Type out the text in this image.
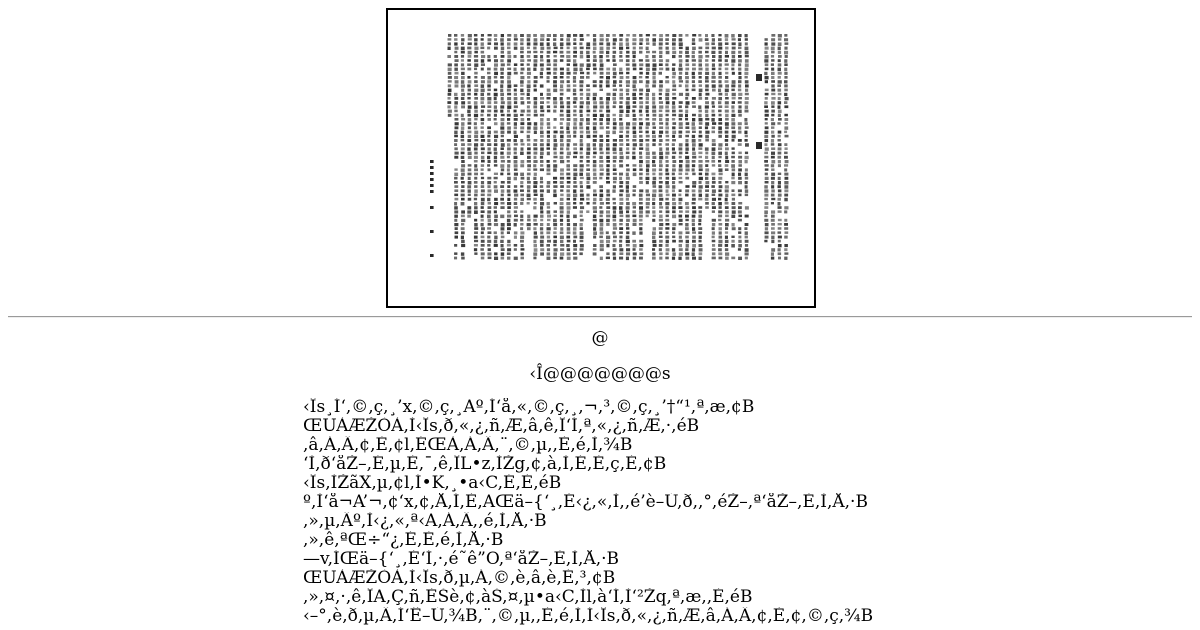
@
‹Î@@@@@@@s
‹Îs¸Í‘,©,ç,¸’x,©,ç,¸Aº,Í‘å,«,©,ç,¸,¬,³,©,ç,¸’†“¹,ª,æ,¢B
ŒÜÀÆŽÒÀ,Ì‹Îs,ð,«,¿,ñ,Æ,â,ê,Î‘Í,ª,«,¿,ñ,Æ,·,éB
,â,Á,Ä,¢,È,¢l,ÉŒÀ,Á,Ä,¨,©,µ,,È,é,Ì,¾B
‘Ì,ð‘åŽ–,É,µ,È,¯,ê,ÎL•z,ÌŽg,¢,à,Ì,É,È,ç,È,¢B
‹Îs,ÌŽãX,µ,¢l,Í•K,¸•a‹C,É,È,éB
º,Ì‘å¬A’¬,¢‘x,¢,Å,Í,È,AŒä–{‘¸,É‹¿,«,Ì,,é’è–Ú,ð,,°,éŽ–,ª‘åŽ–,È,Ì,Å,·B
,»,µ,Äº,Ì‹¿,«,ª‹A,Á,Ä,,é,Ì,Å,·B
,»,ê,ªŒ÷“¿,É,È,é,Ì,Å,·B
—v,ÍŒä–{‘¸,É‘Í,·,é˜ê”O,ª‘åŽ–,È,Ì,Å,·B
ŒÜÀÆŽÒÀ,Ì‹Îs,ð,µ,Á,©,è,â,è,È,³,¢B
,»,¤,·,ê,ÎA,Ç,ñ,ÈŠè,¢,àŠ,¤,µ•a‹C,Ìl,à‘Í,Ì‘²Žq,ª,æ,,È,éB
‹–°,è,ð,µ,Ä,Í‘Ê–Ú,¾B,¨,©,µ,,È,é,Ì,Í‹Îs,ð,«,¿,ñ,Æ,â,Á,Ä,¢,È,¢,©,ç,¾B
